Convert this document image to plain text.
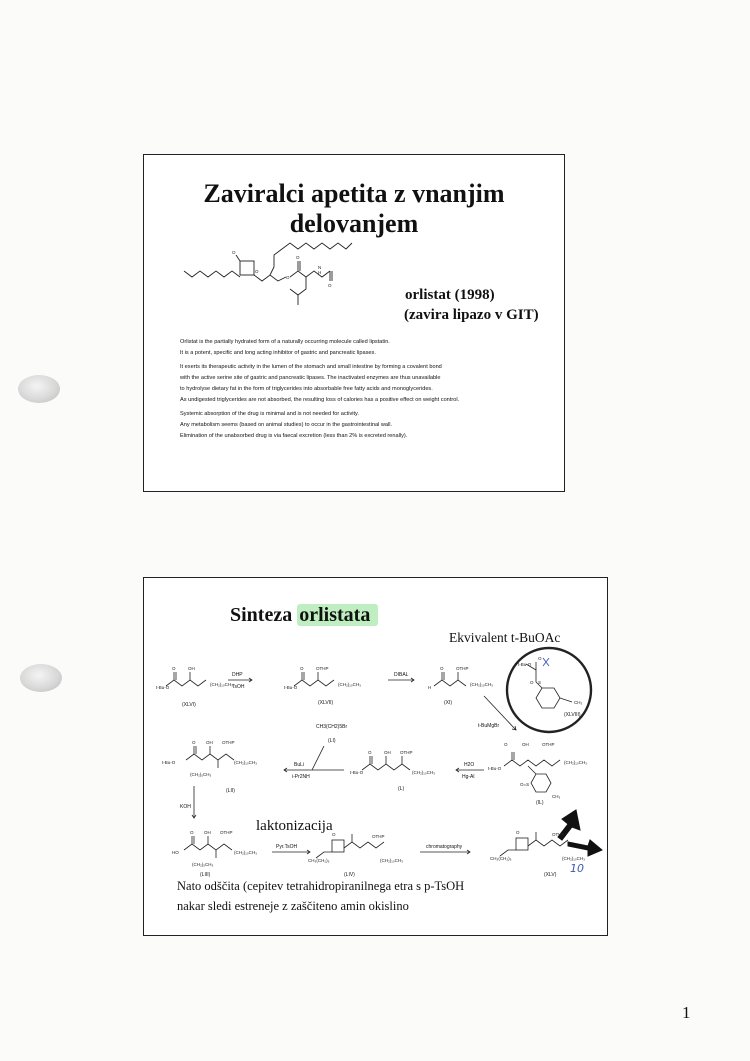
Zaviralci apetita z vnanjim delovanjem
O
O
O
O
H
N
O
orlistat (1998)
(zavira lipazo v GIT)
Orlistat is the partially hydrated form of a naturally occurring molecule called lipstatin.
It is a potent, specific and long acting inhibitor of gastric and pancreatic lipases.
It exerts its therapeutic activity in the lumen of the stomach and small intestine by forming a covalent bond
with the active serine site of gastric and pancreatic lipases. The inactivated enzymes are thus unavailable
to hydrolyse dietary fat in the form of triglycerides into absorbable free fatty acids and monoglycerides.
As undigested triglycerides are not absorbed, the resulting loss of calories has a positive effect on weight control.
Systemic absorption of the drug is minimal and is not needed for activity.
Any metabolism seems (based on animal studies) to occur in the gastrointestinal wall.
Elimination of the unabsorbed drug is via faecal excretion (less than 2% is excreted renally).
Sinteza orlistata
Ekvivalent t-BuOAc
t-Bu-O
O	OH
(CH₂)₁₀CH₃
t-Bu-O
O	OTHP
(CH₂)₁₀CH₃
H
O	OTHP
(CH₂)₁₀CH₃
t-Bu-O
O
O S
CH₃
O	OH	OTHP
t-Bu-O
(CH₂)₁₀CH₃
O=S
CH₃
t-Bu-O
O	OH OTHP
(CH₂)₁₀CH₃
t-Bu-O
O OH OTHP
(CH₂)₅CH₃
(CH₂)₁₀CH₃
HO
O OH OTHP
(CH₂)₅CH₃
(CH₂)₁₀CH₃
O	OTHP
CH₃(CH₂)₅	(CH₂)₁₀CH₃
O	OTHP
CH₃(CH₂)₅	(CH₂)₁₀CH₃
DHP
TsOH
DIBAL
t-BuMgBr
H2O
Hg-Al
CH3(CH2)5Br
BuLi
i-Pr2NH
KOH
Pyr.TsOH	chromatography
(XLVI)	(XLVII)	(XI)
(XLVIII)
(IL)
(L)
(LI)
(LII)
(LIII)	(LIV)	(XLV) 10
laktonizacija
Nato odščita (cepitev tetrahidropiranilnega etra s p-TsOH
nakar sledi estreneje z zaščiteno amin okislino
1
